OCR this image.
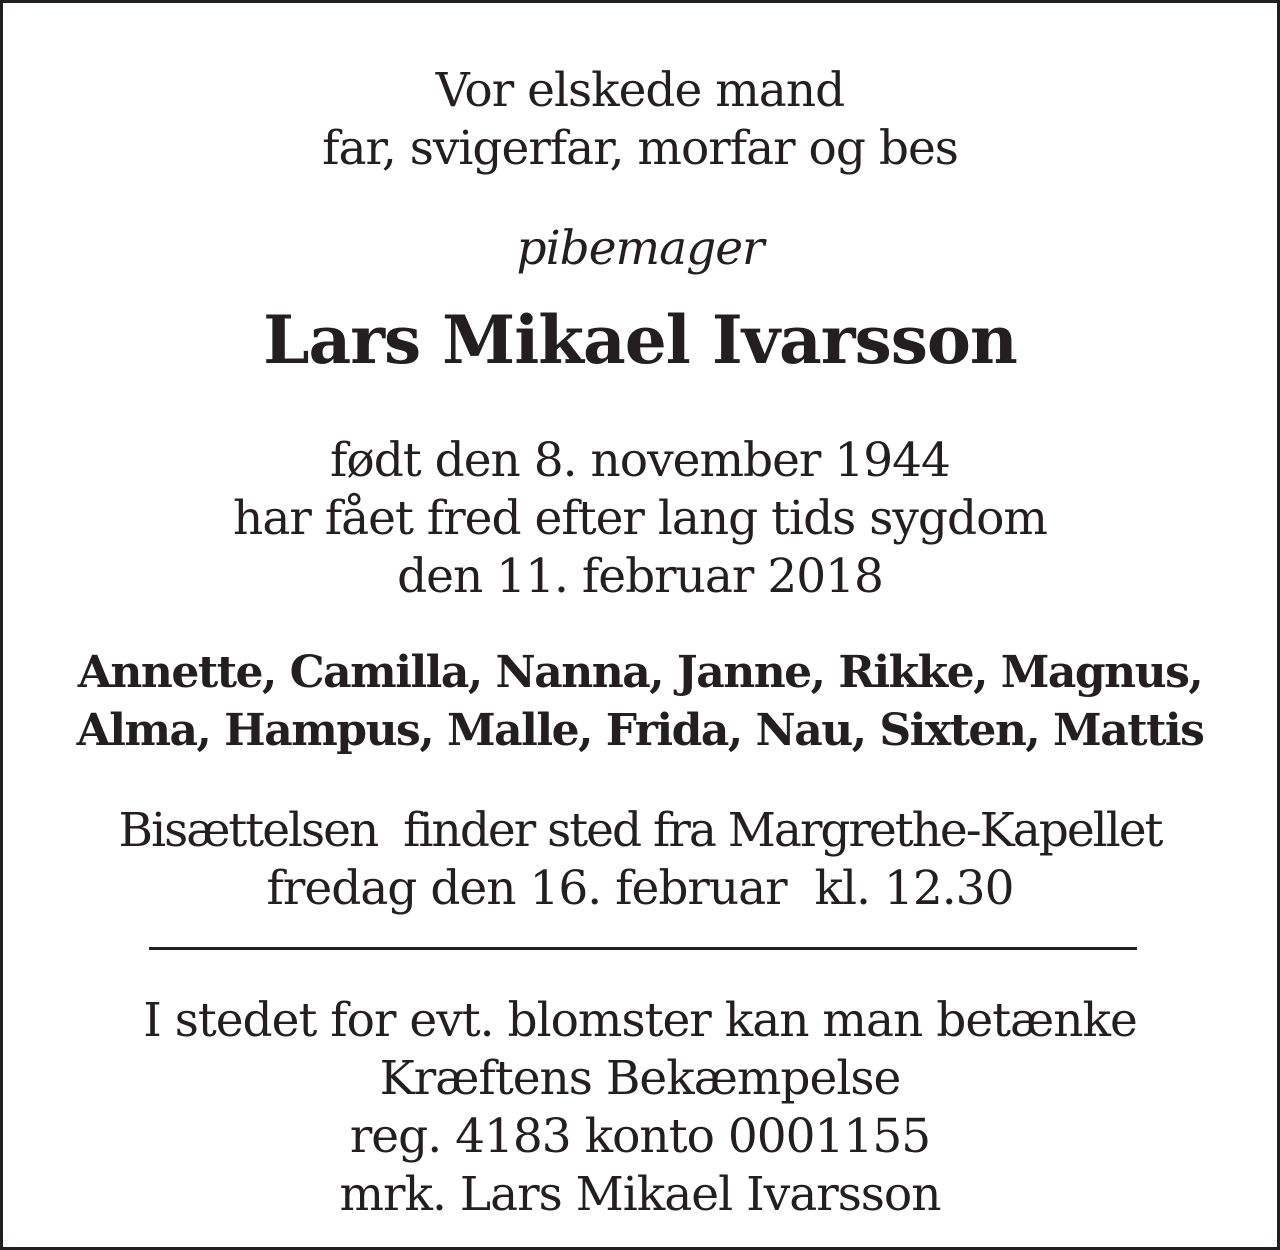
Vor elskede mand

far, svigerfar, morfar og bes

pibemager

Lars Mikael Ivarsson

født den 8. november 1944

har fået fred efter lang tids sygdom

den 11. februar 2018

Annette, Camilla, Nanna, Janne, Rikke, Magnus,

Alma, Hampus, Malle, Frida, Nau, Sixten, Mattis

Bisættelsen  finder sted fra Margrethe-Kapellet

fredag den 16. februar  kl. 12.30

I stedet for evt. blomster kan man betænke

Kræftens Bekæmpelse

reg. 4183 konto 0001155

mrk. Lars Mikael Ivarsson
